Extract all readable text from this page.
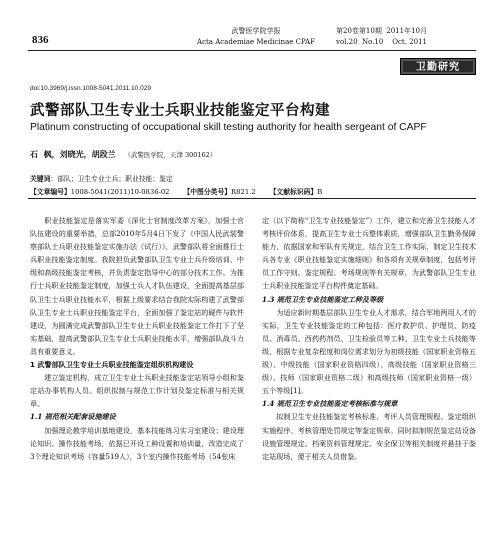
836
武警医学院学报
Acta Academiae Medicinae CPAF
第20卷第10期  2011年10月
vol.20  No.10    Oct. 2011
卫勤研究
doi:10.3969/j.issn.1008-5041.2011.10.029
武警部队卫生专业士兵职业技能鉴定平台构建
Platinum constructing of occupational skill testing authority for health sergeant of CAPF
石  枫，刘晓光，胡段兰 （武警医学院，天津 300162）
关键词：部队；卫生专业士兵；职业技能；鉴定
【文章编号】1008-5041(2011)10-0836-02 【中图分类号】R821.2 【文献标识码】B

职业技能鉴定是落实军委《深化士官制度改革方案》，加强士官队伍建设的重要举措，总部2010年5月4日下发了《中国人民武装警察部队士兵职业技能鉴定实施办法（试行）》，武警部队将全面推行士兵职业技能鉴定制度。我院担负武警部队卫生专业士兵升级培训、中级和高级技能鉴定考核，并负责鉴定指导中心的部分技术工作。为推行士兵职业技能鉴定制度，加强士兵人才队伍建设，全面提高基层部队卫生士兵职业技能水平，根据上级要求结合我院实际构建了武警部队卫生专业士兵职业技能鉴定平台，全面加强了鉴定站的硬件与软件建设，为圆满完成武警部队卫生专业士兵职业技能鉴定工作打下了坚实基础，提高武警部队卫生专业士兵职业技能水平，增强部队战斗力具有重要意义。

1 武警部队卫生专业士兵职业技能鉴定组织机构建设

建立鉴定机构，成立卫生专业士兵职业技能鉴定站领导小组和鉴定站办事机构人员。组织拟制与规范工作计划及鉴定标准与相关规章。

1.1 规范相关配套设施建设

加强理论教学培训基地建设，基本技能练习实习室建设；建设理论知识、操作技能考场，依据已开设工种设置和培训量，改造完成了3个理论知识考场（容量519人），3个室内操作技能考场（54张床

定（以下简称“卫生专业技能鉴定”）工作，建立和完善卫生技能人才考核评价体系，提高卫生专业士兵整体素质，增强部队卫生勤务保障能力，依据国家和军队有关规定，结合卫生工作实际，制定卫生技术兵各专业《职业技能鉴定实施细则》和各项有关规章制度，包括考评员工作守则、鉴定规程、考场规则等有关规章，为武警部队卫生专业士兵职业技能鉴定平台构件奠定基础。

1.3 规范卫生专业技能鉴定工种及等级

为适应新时期基层部队卫生专业人才需求，结合军地两用人才的实际，卫生专业技能鉴定的工种包括：医疗救护员、护理员、防疫员、消毒员、西药药剂员、卫生检验员等工种。卫生专业士兵技能等级，根据专业复杂程度和岗位需求划分为初级技能（国家职业资格五级）、中级技能（国家职业资格四级）、高级技能（国家职业资格三级）、技师（国家职业资格二级）和高级技师（国家职业资格一级）五个等级[1]。

1.4 规范卫生专业技能鉴定考核标准与规章

拟制卫生专业技能鉴定考核标准、考评人员管理规程、鉴定组织实施程序、考核管理处罚规定等鉴定规章。同时拟制规范鉴定站设备设施管理规定、档案资料管理规定、安全保卫等相关制度并悬挂于鉴定站现场，便于相关人员借鉴。
